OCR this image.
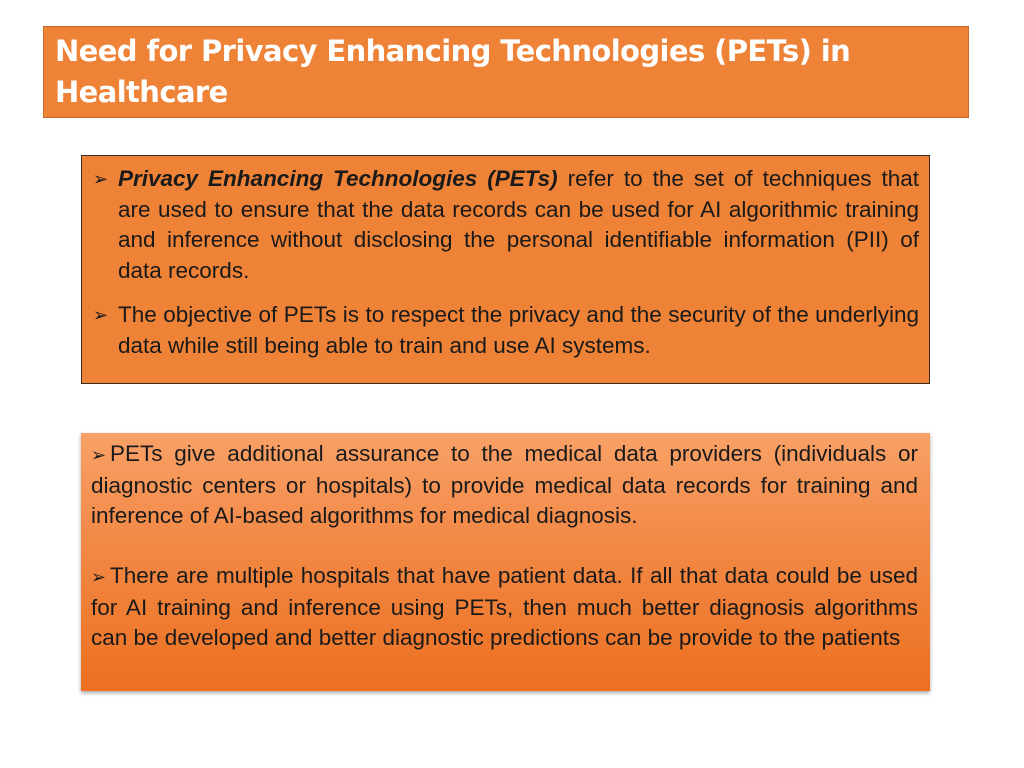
Need for Privacy Enhancing Technologies (PETs) in Healthcare
➢ Privacy Enhancing Technologies (PETs) refer to the set of techniques that are used to ensure that the data records can be used for AI algorithmic training and inference without disclosing the personal identifiable information (PII) of data records.

➢ The objective of PETs is to respect the privacy and the security of the underlying data while still being able to train and use AI systems.

➢ PETs give additional assurance to the medical data providers (individuals or diagnostic centers or hospitals) to provide medical data records for training and inference of AI-based algorithms for medical diagnosis.

➢ There are multiple hospitals that have patient data. If all that data could be used for AI training and inference using PETs, then much better diagnosis algorithms can be developed and better diagnostic predictions can be provide to the patients
